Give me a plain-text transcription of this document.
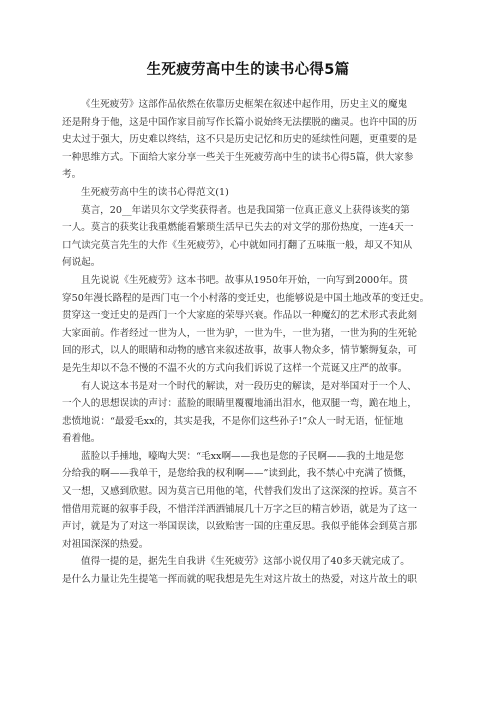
生死疲劳高中生的读书心得5篇
《生死疲劳》这部作品依然在依靠历史框架在叙述中起作用，历史主义的魔鬼
还是附身于他，这是中国作家目前写作长篇小说始终无法摆脱的幽灵。也许中国的历
史太过于强大，历史难以终结，这不只是历史记忆和历史的延续性问题，更重要的是
一种思维方式。下面给大家分享一些关于生死疲劳高中生的读书心得5篇，供大家参
考。
生死疲劳高中生的读书心得范文(1)
莫言，20__年诺贝尔文学奖获得者。也是我国第一位真正意义上获得该奖的第
一人。莫言的获奖让我重燃能看繁琐生活早已失去的对文学的那份热度，一连4天一
口气读完莫言先生的大作《生死疲劳》，心中就如同打翻了五味瓶一般，却又不知从
何说起。
且先说说《生死疲劳》这本书吧。故事从1950年开始，一向写到2000年。贯
穿50年漫长路程的是西门屯一个小村落的变迁史，也能够说是中国土地改革的变迁史。
贯穿这一变迁史的是西门一个大家庭的荣辱兴衰。作品以一种魔幻的艺术形式表此刻
大家面前。作者经过一世为人，一世为驴，一世为牛，一世为猪，一世为狗的生死轮
回的形式，以人的眼睛和动物的感官来叙述故事，故事人物众多，情节繁缛复杂，可
是先生却以不急不慢的不温不火的方式向我们诉说了这样一个荒诞又庄严的故事。
有人说这本书是对一个时代的解读，对一段历史的解读，是对举国对于一个人、
一个人的思想误读的声讨：蓝脸的眼睛里覆覆地涌出泪水，他双腿一弯，跪在地上，
悲愤地说：“最爱毛xx的，其实是我，不是你们这些孙子!”众人一时无语，怔怔地
看着他。
蓝脸以手捶地，嚎啕大哭：“毛xx啊——我也是您的子民啊——我的土地是您
分给我的啊——我单干，是您给我的权利啊——”读到此，我不禁心中充满了愤慨，
又一想，又感到欣慰。因为莫言已用他的笔，代替我们发出了这深深的控诉。莫言不
惜借用荒诞的叙事手段，不惜洋洋洒洒铺展几十万字之巨的精言妙语，就是为了这一
声讨，就是为了对这一举国误读，以致贻害一国的庄重反思。我似乎能体会到莫言那
对祖国深深的热爱。
值得一提的是，据先生自我讲《生死疲劳》这部小说仅用了40多天就完成了。
是什么力量让先生提笔一挥而就的呢我想是先生对这片故土的热爱，对这片故土的职
